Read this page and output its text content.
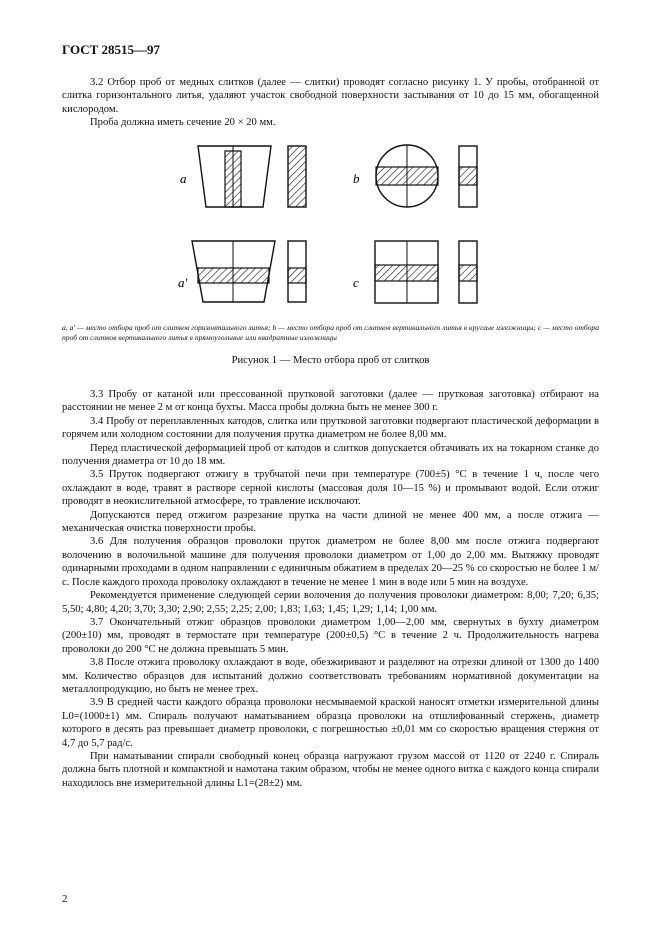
ГОСТ 28515—97

3.2 Отбор проб от медных слитков (далее — слитки) проводят согласно рисунку 1. У пробы, отобранной от слитка горизонтального литья, удаляют участок свободной поверхности застывания от 10 до 15 мм, обогащенной кислородом.

Проба должна иметь сечение 20 × 20 мм.

a	b
a'	c
a, a' — место отбора проб от слитков горизонтального литья; b — место отбора проб от слитков вертикального литья в круглые изложницы; c — место отбора проб от слитков вертикального литья в прямоугольные или квадратные изложницы
Рисунок 1 — Место отбора проб от слитков

3.3 Пробу от катаной или прессованной прутковой заготовки (далее — прутковая заготовка) отбирают на расстоянии не менее 2 м от конца бухты. Масса пробы должна быть не менее 300 г.

3.4 Пробу от переплавленных катодов, слитка или прутковой заготовки подвергают пластической деформации в горячем или холодном состоянии для получения прутка диаметром не более 8,00 мм.

Перед пластической деформацией проб от катодов и слитков допускается обтачивать их на токарном станке до получения диаметра от 10 до 18 мм.

3.5 Пруток подвергают отжигу в трубчатой печи при температуре (700±5) °С в течение 1 ч, после чего охлаждают в воде, травят в растворе серной кислоты (массовая доля 10—15 %) и промывают водой. Если отжиг проводят в неокислительной атмосфере, то травление исключают.

Допускаются перед отжигом разрезание прутка на части длиной не менее 400 мм, а после отжига — механическая очистка поверхности пробы.

3.6 Для получения образцов проволоки пруток диаметром не более 8,00 мм после отжига подвергают волочению в волочильной машине для получения проволоки диаметром от 1,00 до 2,00 мм. Вытяжку проводят одинарными проходами в одном направлении с единичным обжатием в пределах 20—25 % со скоростью не более 1 м/с. После каждого прохода проволоку охлаждают в течение не менее 1 мин в воде или 5 мин на воздухе.

Рекомендуется применение следующей серии волочения до получения проволоки диаметром: 8,00; 7,20; 6,35; 5,50; 4,80; 4,20; 3,70; 3,30; 2,90; 2,55; 2,25; 2,00; 1,83; 1,63; 1,45; 1,29; 1,14; 1,00 мм.

3.7 Окончательный отжиг образцов проволоки диаметром 1,00—2,00 мм, свернутых в бухту диаметром (200±10) мм, проводят в термостате при температуре (200±0,5) °С в течение 2 ч. Продолжительность нагрева проволоки до 200 °С не должна превышать 5 мин.

3.8 После отжига проволоку охлаждают в воде, обезжиривают и разделяют на отрезки длиной от 1300 до 1400 мм. Количество образцов для испытаний должно соответствовать требованиям нормативной документации на металлопродукцию, но быть не менее трех.

3.9 В средней части каждого образца проволоки несмываемой краской наносят отметки измерительной длины L0=(1000±1) мм. Спираль получают наматыванием образца проволоки на отшлифованный стержень, диаметр которого в десять раз превышает диаметр проволоки, с погрешностью ±0,01 мм со скоростью вращения стержня от 4,7 до 5,7 рад/с.

При наматывании спирали свободный конец образца нагружают грузом массой от 1120 от 2240 г. Спираль должна быть плотной и компактной и намотана таким образом, чтобы не менее одного витка с каждого конца спирали находилось вне измерительной длины L1=(28±2) мм.

2
